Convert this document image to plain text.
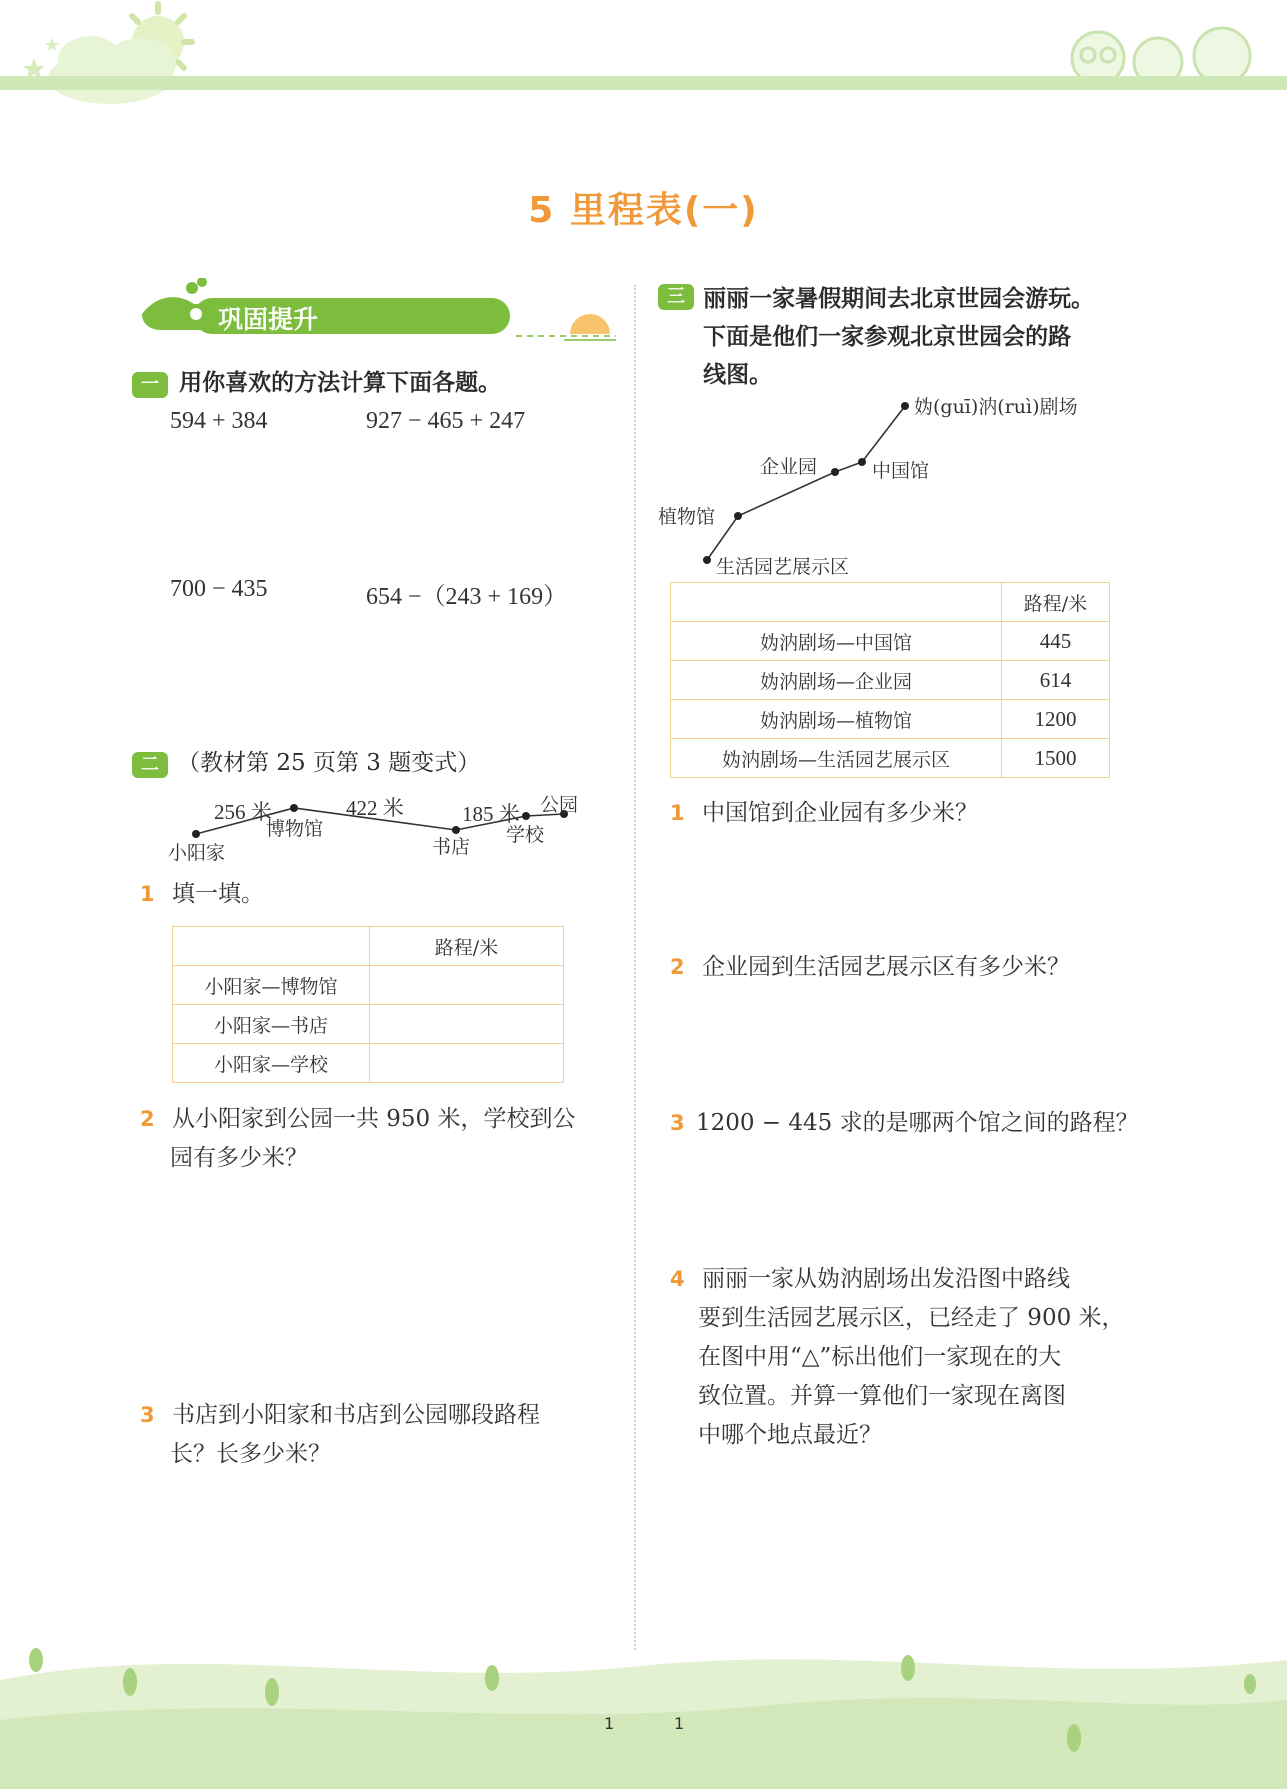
5 里程表(一)
巩固提升
一 用你喜欢的方法计算下面各题。
594 + 384	927 − 465 + 247
700 − 435	654 −（243 + 169）
二 （教材第 25 页第 3 题变式）
256 米	422 米	185 米
小阳家
博物馆
书店
学校
公园
1 填一填。
	路程/米
小阳家—博物馆	
小阳家—书店	
小阳家—学校	
2 从小阳家到公园一共 950 米，学校到公
园有多少米？
3 书店到小阳家和书店到公园哪段路程
长？长多少米？
三 丽丽一家暑假期间去北京世园会游玩。
下面是他们一家参观北京世园会的路
线图。
妫(guī)汭(ruì)剧场
中国馆
企业园
植物馆
生活园艺展示区
	路程/米
妫汭剧场—中国馆	445
妫汭剧场—企业园	614
妫汭剧场—植物馆	1200
妫汭剧场—生活园艺展示区	1500
1 中国馆到企业园有多少米？
2 企业园到生活园艺展示区有多少米？
3 1200 − 445 求的是哪两个馆之间的路程？
4 丽丽一家从妫汭剧场出发沿图中路线
要到生活园艺展示区，已经走了 900 米，
在图中用“△”标出他们一家现在的大
致位置。并算一算他们一家现在离图
中哪个地点最近？
1	1
